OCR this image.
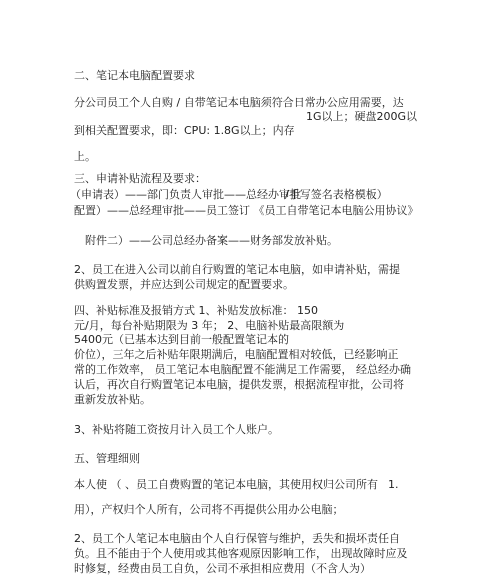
二、笔记本电脑配置要求
分公司员工个人自购 / 自带笔记本电脑须符合日常办公应用需要，达
1G以上；硬盘200G以
到相关配置要求，即：CPU: 1.8G以上；内存
上。
三、申请补贴流程及要求：
（申请表）——部门负责人审批——总经办审批
/手写签名表格模板）
配置）——总经理审批——员工签订 《员工自带笔记本电脑公用协议》
附件二）——公司总经办备案——财务部发放补贴。
2、员工在进入公司以前自行购置的笔记本电脑，如申请补贴，需提
供购置发票，并应达到公司规定的配置要求。
四、补贴标准及报销方式 1、补贴发放标准： 150
元/月，每台补贴期限为 3 年； 2、电脑补贴最高限额为
5400元（已基本达到目前一般配置笔记本的
价位），三年之后补贴年限期满后，电脑配置相对较低，已经影响正
常的工作效率， 员工笔记本电脑配置不能满足工作需要， 经总经办确
认后，再次自行购置笔记本电脑，提供发票，根据流程审批，公司将
重新发放补贴。
3、补贴将随工资按月计入员工个人账户。
五、管理细则
本人使 （ 、员工自费购置的笔记本电脑，其使用权归公司所有 1.
用），产权归个人所有，公司将不再提供公用办公电脑；
2、员工个人笔记本电脑由个人自行保管与维护，丢失和损坏责任自
负。且不能由于个人使用或其他客观原因影响工作， 出现故障时应及
时修复，经费由员工自负，公司不承担相应费用（不含人为）
